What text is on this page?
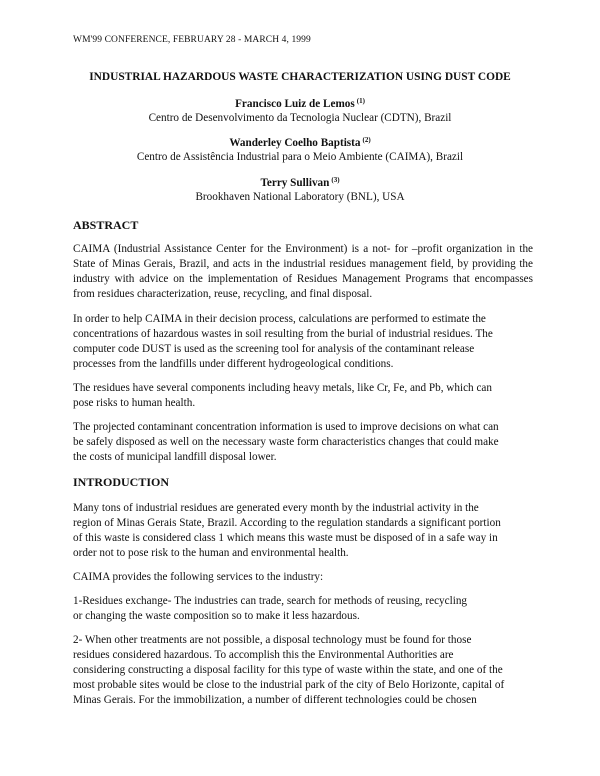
WM'99 CONFERENCE, FEBRUARY 28 - MARCH 4, 1999
INDUSTRIAL HAZARDOUS WASTE CHARACTERIZATION USING DUST CODE
Francisco Luiz de Lemos $^{(1)}$
Centro de Desenvolvimento da Tecnologia Nuclear (CDTN), Brazil
Wanderley Coelho Baptista $^{(2)}$
Centro de Assistência Industrial para o Meio Ambiente (CAIMA), Brazil
Terry Sullivan $^{(3)}$
Brookhaven National Laboratory (BNL), USA
ABSTRACT
CAIMA (Industrial Assistance Center for the Environment) is a not- for –profit organization in the State of Minas Gerais, Brazil, and acts in the industrial residues management field, by providing the industry with advice on the implementation of Residues Management Programs that encompasses from residues characterization, reuse, recycling, and final disposal.
In order to help CAIMA in their decision process, calculations are performed to estimate the
concentrations of hazardous wastes in soil resulting from the burial of industrial residues. The
computer code DUST is used as the screening tool for analysis of the contaminant release
processes from the landfills under different hydrogeological conditions.
The residues have several components including heavy metals, like Cr, Fe, and Pb, which can
pose risks to human health.
The projected contaminant concentration information is used to improve decisions on what can
be safely disposed as well on the necessary waste form characteristics changes that could make
the costs of municipal landfill disposal lower.
INTRODUCTION
Many tons of industrial residues are generated every month by the industrial activity in the
region of Minas Gerais State, Brazil. According to the regulation standards a significant portion
of this waste is considered class 1 which means this waste must be disposed of in a safe way in
order not to pose risk to the human and environmental health.
CAIMA provides the following services to the industry:
1-Residues exchange- The industries can trade, search for methods of reusing, recycling
or changing the waste composition so to make it less hazardous.
2- When other treatments are not possible, a disposal technology must be found for those
residues considered hazardous. To accomplish this the Environmental Authorities are
considering constructing a disposal facility for this type of waste within the state, and one of the
most probable sites would be close to the industrial park of the city of Belo Horizonte, capital of
Minas Gerais. For the immobilization, a number of different technologies could be chosen
